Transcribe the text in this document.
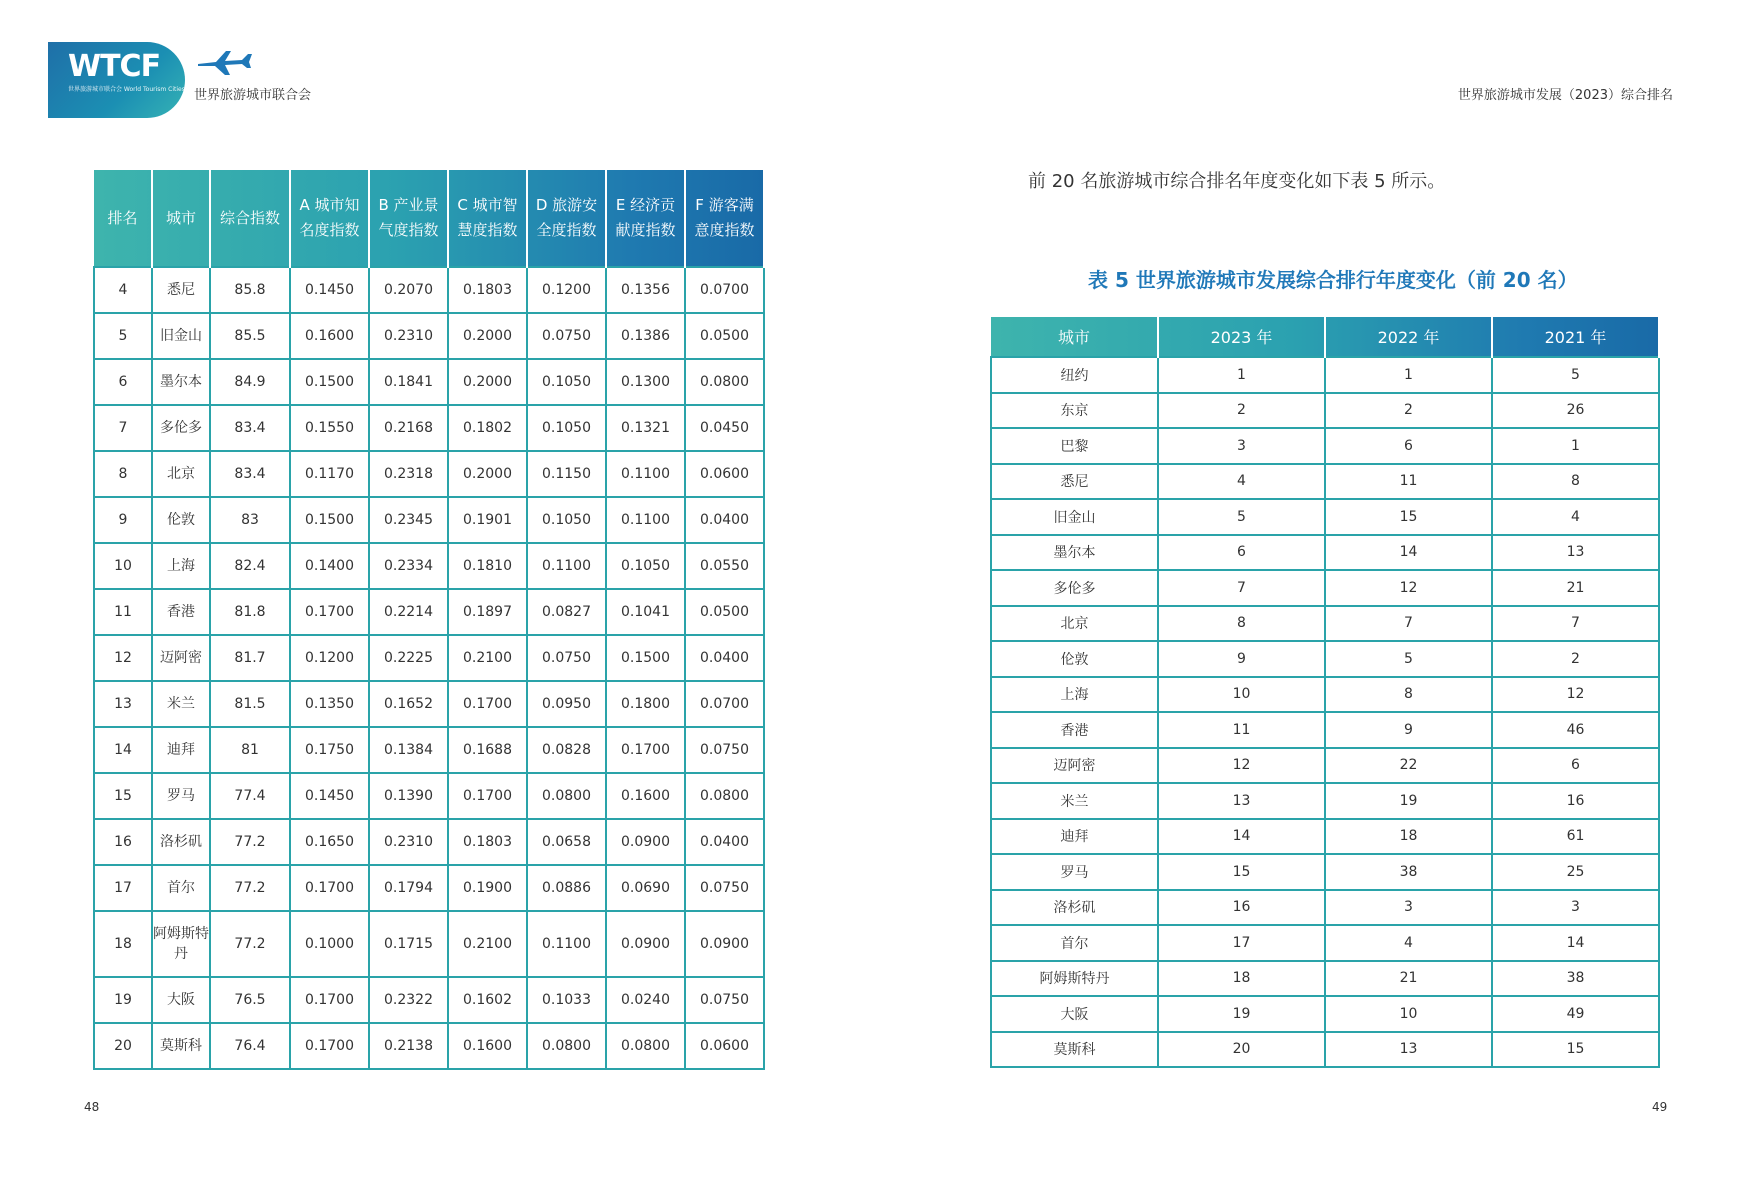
WTCF
世界旅游城市联合会 World Tourism Cities Federation
世界旅游城市联合会	世界旅游城市发展（2023）综合排名
排名	城市	综合指数	A 城市知名度指数	B 产业景气度指数	C 城市智慧度指数	D 旅游安全度指数	E 经济贡献度指数	F 游客满意度指数
4	悉尼	85.8	0.1450	0.2070	0.1803	0.1200	0.1356	0.0700
5	旧金山	85.5	0.1600	0.2310	0.2000	0.0750	0.1386	0.0500
6	墨尔本	84.9	0.1500	0.1841	0.2000	0.1050	0.1300	0.0800
7	多伦多	83.4	0.1550	0.2168	0.1802	0.1050	0.1321	0.0450
8	北京	83.4	0.1170	0.2318	0.2000	0.1150	0.1100	0.0600
9	伦敦	83	0.1500	0.2345	0.1901	0.1050	0.1100	0.0400
10	上海	82.4	0.1400	0.2334	0.1810	0.1100	0.1050	0.0550
11	香港	81.8	0.1700	0.2214	0.1897	0.0827	0.1041	0.0500
12	迈阿密	81.7	0.1200	0.2225	0.2100	0.0750	0.1500	0.0400
13	米兰	81.5	0.1350	0.1652	0.1700	0.0950	0.1800	0.0700
14	迪拜	81	0.1750	0.1384	0.1688	0.0828	0.1700	0.0750
15	罗马	77.4	0.1450	0.1390	0.1700	0.0800	0.1600	0.0800
16	洛杉矶	77.2	0.1650	0.2310	0.1803	0.0658	0.0900	0.0400
17	首尔	77.2	0.1700	0.1794	0.1900	0.0886	0.0690	0.0750
18	阿姆斯特丹	77.2	0.1000	0.1715	0.2100	0.1100	0.0900	0.0900
19	大阪	76.5	0.1700	0.2322	0.1602	0.1033	0.0240	0.0750
20	莫斯科	76.4	0.1700	0.2138	0.1600	0.0800	0.0800	0.0600
前 20 名旅游城市综合排名年度变化如下表 5 所示。
表 5 世界旅游城市发展综合排行年度变化（前 20 名）
城市	2023 年	2022 年	2021 年
纽约	1	1	5
东京	2	2	26
巴黎	3	6	1
悉尼	4	11	8
旧金山	5	15	4
墨尔本	6	14	13
多伦多	7	12	21
北京	8	7	7
伦敦	9	5	2
上海	10	8	12
香港	11	9	46
迈阿密	12	22	6
米兰	13	19	16
迪拜	14	18	61
罗马	15	38	25
洛杉矶	16	3	3
首尔	17	4	14
阿姆斯特丹	18	21	38
大阪	19	10	49
莫斯科	20	13	15
48	49
